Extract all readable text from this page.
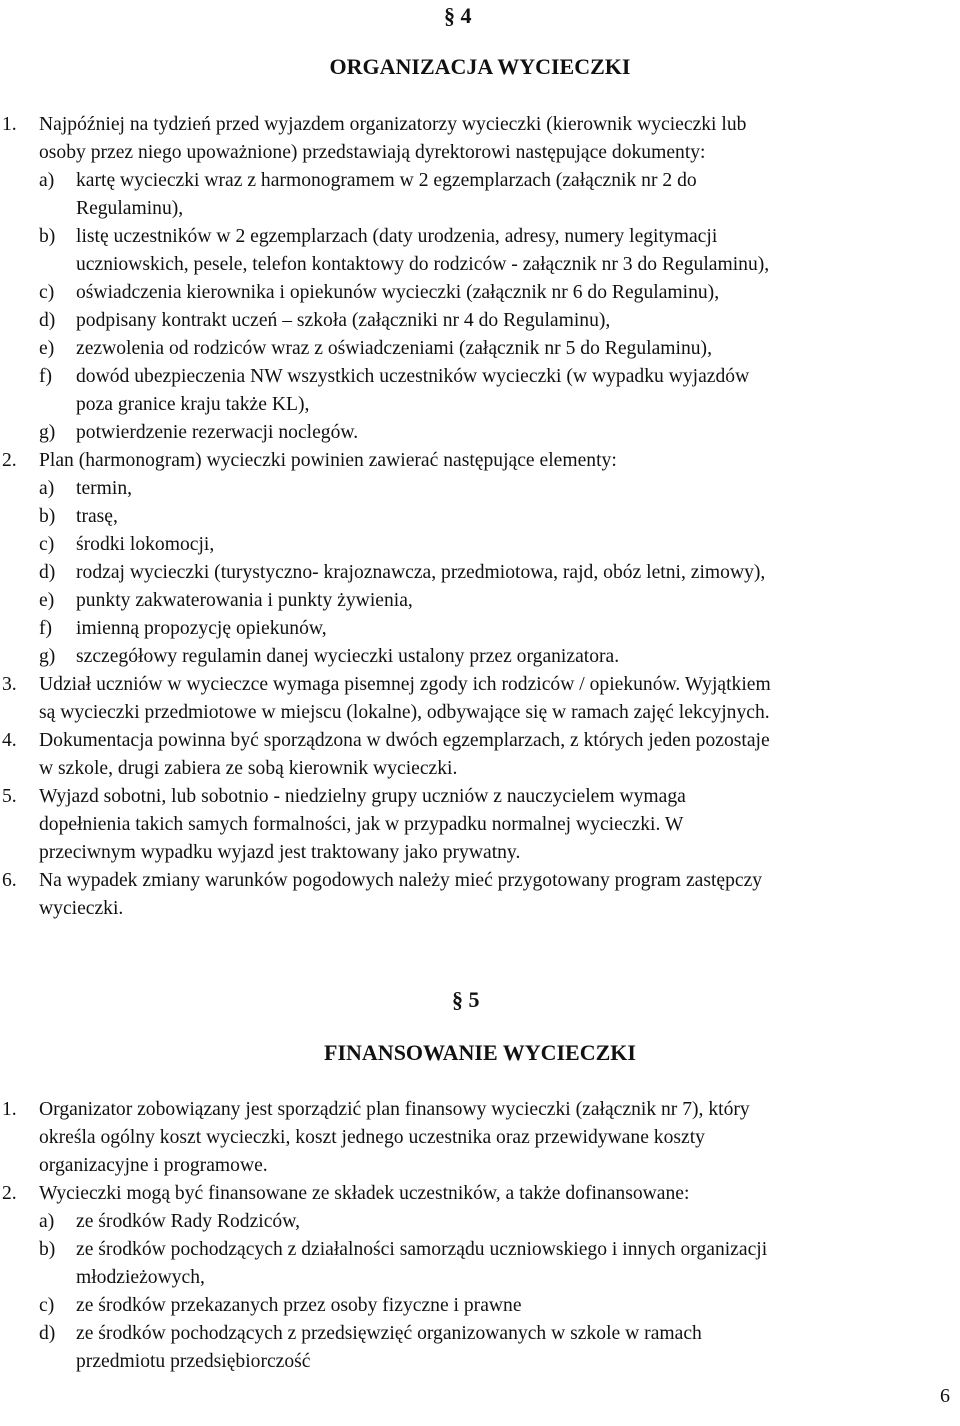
§ 4
ORGANIZACJA WYCIECZKI
1. Najpóźniej na tydzień przed wyjazdem organizatorzy wycieczki (kierownik wycieczki lub
osoby przez niego upoważnione) przedstawiają dyrektorowi następujące dokumenty:
a) kartę wycieczki wraz z harmonogramem w 2 egzemplarzach (załącznik nr 2 do
Regulaminu),
b) listę uczestników w 2 egzemplarzach (daty urodzenia, adresy, numery legitymacji
uczniowskich, pesele, telefon kontaktowy do rodziców - załącznik nr 3 do Regulaminu),
c) oświadczenia kierownika i opiekunów wycieczki (załącznik nr 6 do Regulaminu),
d) podpisany kontrakt uczeń – szkoła (załączniki nr 4 do Regulaminu),
e) zezwolenia od rodziców wraz z oświadczeniami (załącznik nr 5 do Regulaminu),
f) dowód ubezpieczenia NW wszystkich uczestników wycieczki (w wypadku wyjazdów
poza granice kraju także KL),
g) potwierdzenie rezerwacji noclegów.
2. Plan (harmonogram) wycieczki powinien zawierać następujące elementy:
a) termin,
b) trasę,
c) środki lokomocji,
d) rodzaj wycieczki (turystyczno- krajoznawcza, przedmiotowa, rajd, obóz letni, zimowy),
e) punkty zakwaterowania i punkty żywienia,
f) imienną propozycję opiekunów,
g) szczegółowy regulamin danej wycieczki ustalony przez organizatora.
3. Udział uczniów w wycieczce wymaga pisemnej zgody ich rodziców / opiekunów. Wyjątkiem
są wycieczki przedmiotowe w miejscu (lokalne), odbywające się w ramach zajęć lekcyjnych.
4. Dokumentacja powinna być sporządzona w dwóch egzemplarzach, z których jeden pozostaje
w szkole, drugi zabiera ze sobą kierownik wycieczki.
5. Wyjazd sobotni, lub sobotnio - niedzielny grupy uczniów z nauczycielem wymaga
dopełnienia takich samych formalności, jak w przypadku normalnej wycieczki. W
przeciwnym wypadku wyjazd jest traktowany jako prywatny.
6. Na wypadek zmiany warunków pogodowych należy mieć przygotowany program zastępczy
wycieczki.
§ 5
FINANSOWANIE WYCIECZKI
1. Organizator zobowiązany jest sporządzić plan finansowy wycieczki (załącznik nr 7), który
określa ogólny koszt wycieczki, koszt jednego uczestnika oraz przewidywane koszty
organizacyjne i programowe.
2. Wycieczki mogą być finansowane ze składek uczestników, a także dofinansowane:
a) ze środków Rady Rodziców,
b) ze środków pochodzących z działalności samorządu uczniowskiego i innych organizacji
młodzieżowych,
c) ze środków przekazanych przez osoby fizyczne i prawne
d) ze środków pochodzących z przedsięwzięć organizowanych w szkole w ramach
przedmiotu przedsiębiorczość
6
